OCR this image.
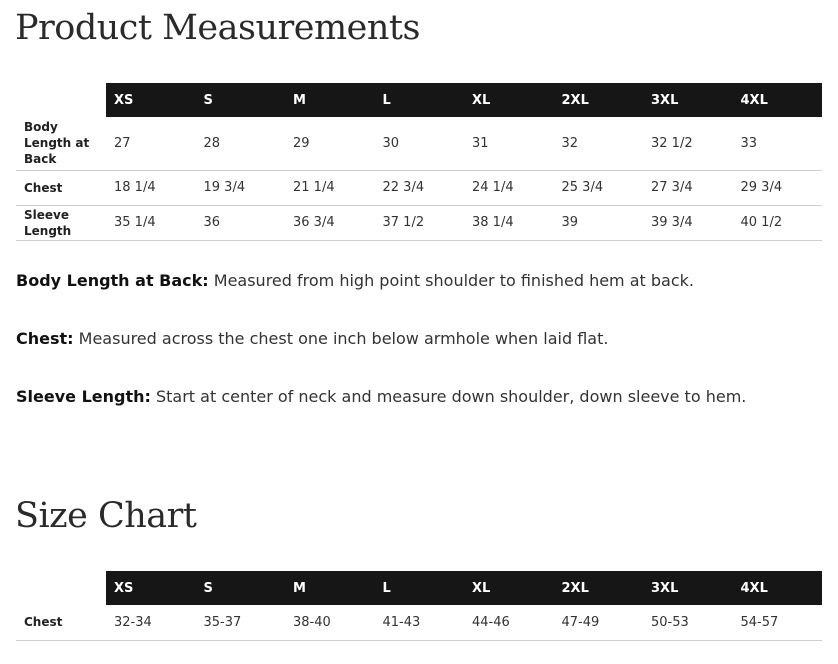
Product Measurements
	XS	S	M	L	XL	2XL	3XL	4XL
Body Length at Back	27	28	29	30	31	32	32 1/2	33
Chest	18 1/4	19 3/4	21 1/4	22 3/4	24 1/4	25 3/4	27 3/4	29 3/4
Sleeve Length	35 1/4	36	36 3/4	37 1/2	38 1/4	39	39 3/4	40 1/2

Body Length at Back: Measured from high point shoulder to finished hem at back.

Chest: Measured across the chest one inch below armhole when laid flat.

Sleeve Length: Start at center of neck and measure down shoulder, down sleeve to hem.

Size Chart
	XS	S	M	L	XL	2XL	3XL	4XL
Chest	32-34	35-37	38-40	41-43	44-46	47-49	50-53	54-57
